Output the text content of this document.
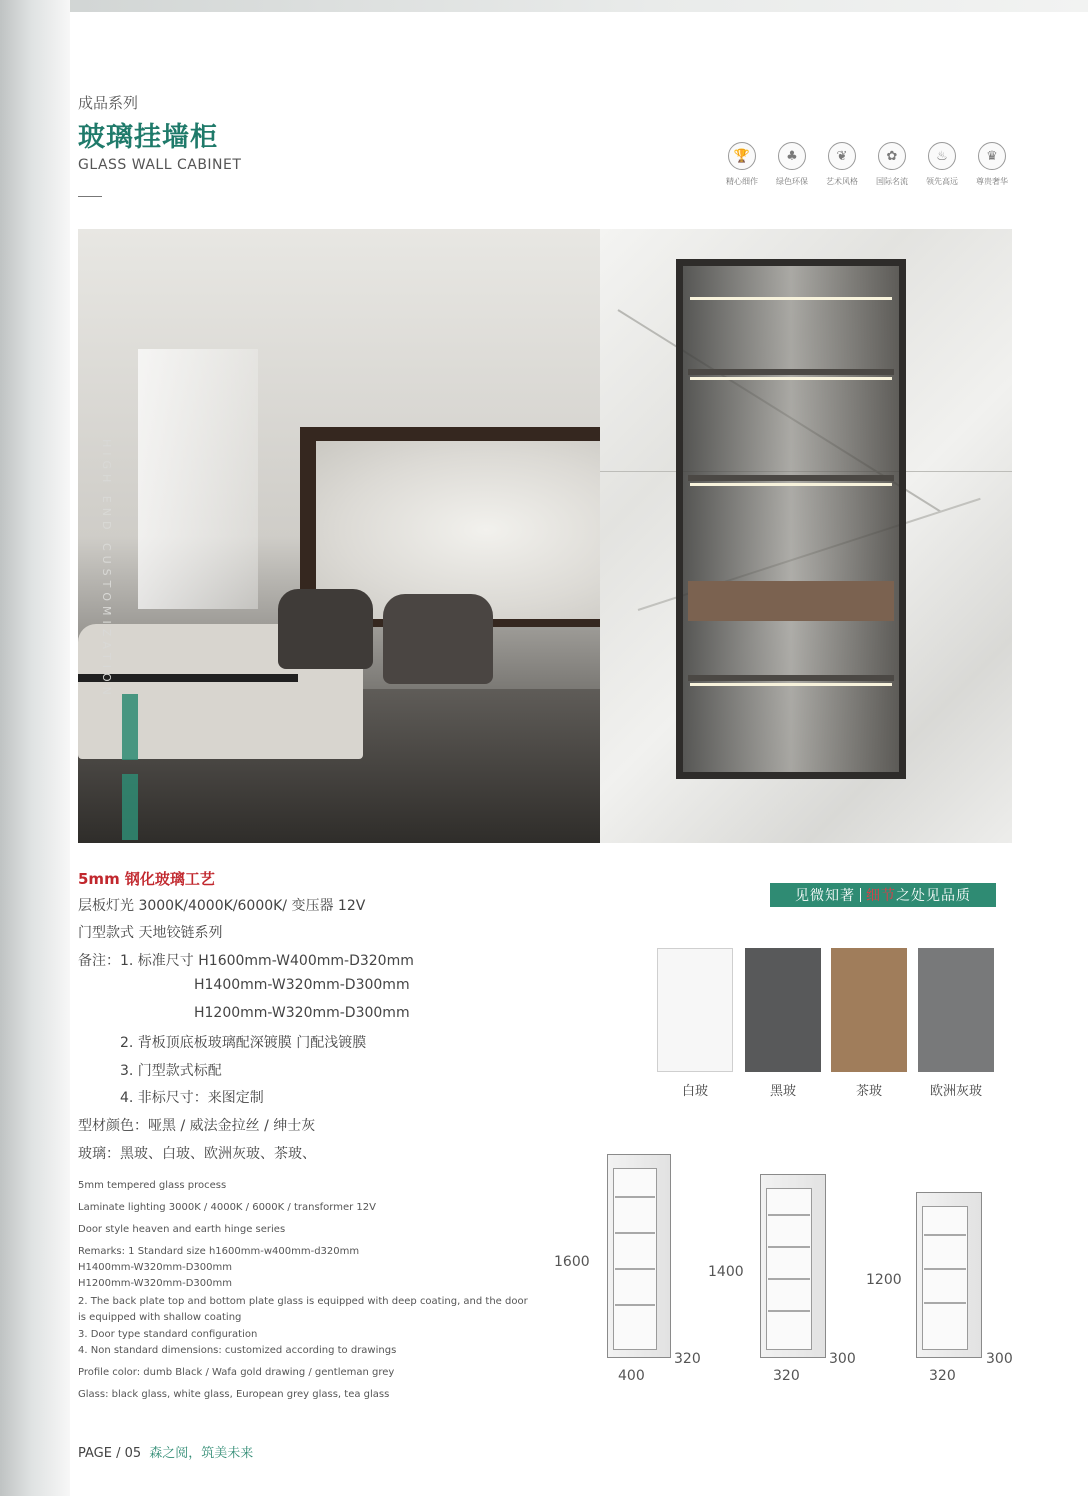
成品系列
玻璃挂墙柜
GLASS WALL CABINET
🏆
精心细作
♣
绿色环保
❦
艺术风格
✿
国际名流
♨
领先高远
♛
尊贵奢华
HIGH END CUSTOMIZATION
5mm 钢化玻璃工艺
层板灯光 3000K/4000K/6000K/ 变压器 12V
门型款式 天地铰链系列
备注：1. 标准尺寸 H1600mm-W400mm-D320mm
H1400mm-W320mm-D300mm
H1200mm-W320mm-D300mm
2. 背板顶底板玻璃配深镀膜 门配浅镀膜
3. 门型款式标配
4. 非标尺寸：来图定制
型材颜色：哑黑 / 威法金拉丝 / 绅士灰
玻璃：黑玻、白玻、欧洲灰玻、茶玻、
见微知著 细节 之处见品质
白玻	黑玻	茶玻	欧洲灰玻
5mm tempered glass process
Laminate lighting 3000K / 4000K / 6000K / transformer 12V
Door style heaven and earth hinge series
Remarks: 1 Standard size h1600mm-w400mm-d320mm
H1400mm-W320mm-D300mm
H1200mm-W320mm-D300mm
2. The back plate top and bottom plate glass is equipped with deep coating, and the door
is equipped with shallow coating
3. Door type standard configuration
4. Non standard dimensions: customized according to drawings
Profile color: dumb Black / Wafa gold drawing / gentleman grey
Glass: black glass, white glass, European grey glass, tea glass
1600
400
320
1400
320
300
1200
320
300
PAGE / 05 森之阅，筑美未来
